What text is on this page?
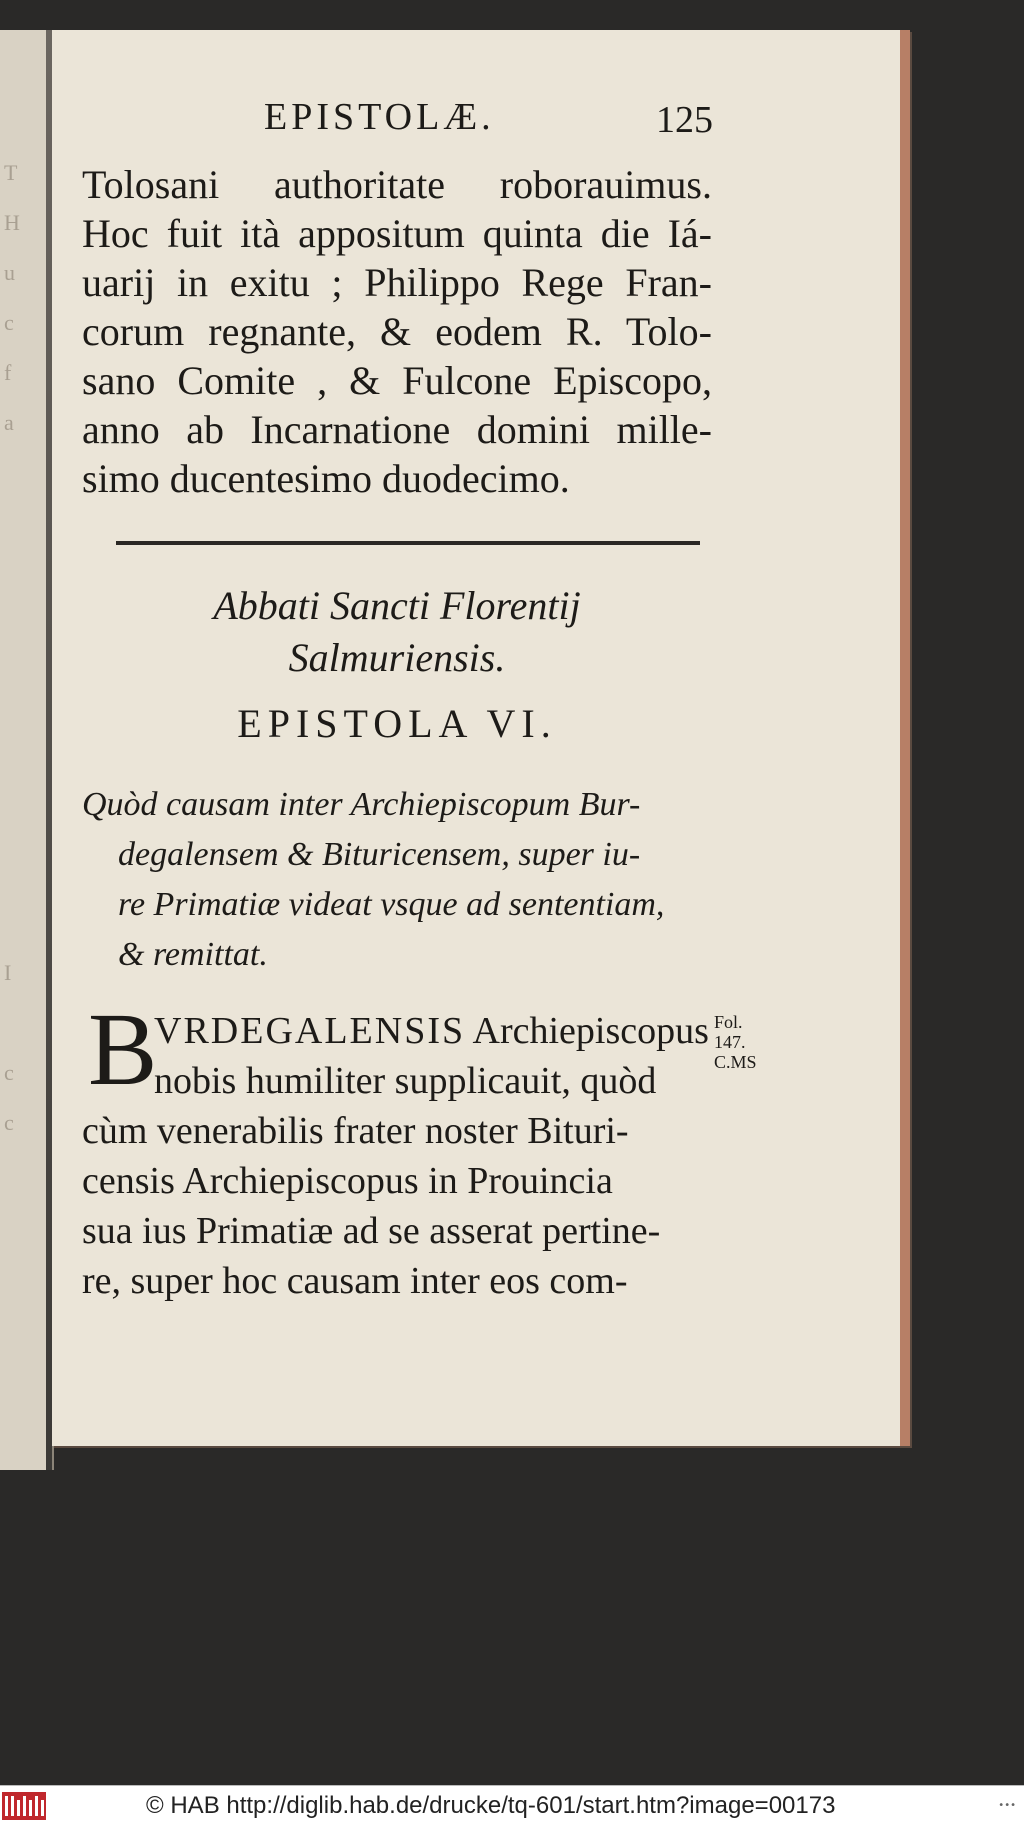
T
H
u
c
f
a
I
c
c
EPISTOLÆ.	125
Tolosani authoritate roborauimus.
Hoc fuit ità appositum quinta die Iá-
uarij in exitu ; Philippo Rege Fran-
corum regnante, & eodem R. Tolo-
sano Comite , & Fulcone Episcopo,
anno ab Incarnatione domini mille-
simo ducentesimo duodecimo.
Abbati Sancti Florentij
Salmuriensis.
EPISTOLA VI.
Quòd causam inter Archiepiscopum Bur-
degalensem & Bituricensem, super iu-
re Primatiæ videat vsque ad sententiam,
& remittat.
B
VRDEGALENSIS Archiepiscopus
nobis humiliter supplicauit, quòd
cùm venerabilis frater noster Bituri-
censis Archiepiscopus in Prouincia
sua ius Primatiæ ad se asserat pertine-
re, super hoc causam inter eos com-
Fol.
147.
C.MS
© HAB http://diglib.hab.de/drucke/tq-601/start.htm?image=00173	•••
